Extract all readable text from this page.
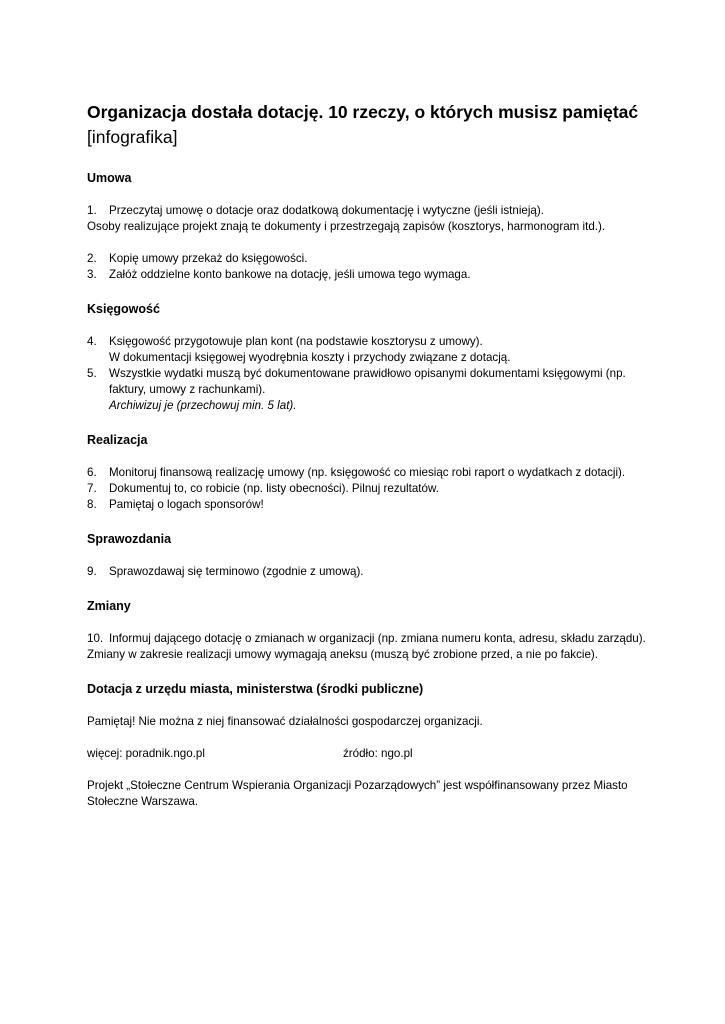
Organizacja dostała dotację. 10 rzeczy, o których musisz pamiętać
[infografika]
Umowa
1. Przeczytaj umowę o dotacje oraz dodatkową dokumentację i wytyczne (jeśli istnieją).

Osoby realizujące projekt znają te dokumenty i przestrzegają zapisów (kosztorys, harmonogram itd.).

2. Kopię umowy przekaż do księgowości.
3. Załóż oddzielne konto bankowe na dotację, jeśli umowa tego wymaga.
Księgowość
4. Księgowość przygotowuje plan kont (na podstawie kosztorysu z umowy).
W dokumentacji księgowej wyodrębnia koszty i przychody związane z dotacją.
5. Wszystkie wydatki muszą być dokumentowane prawidłowo opisanymi dokumentami księgowymi (np. faktury, umowy z rachunkami).
Archiwizuj je (przechowuj min. 5 lat).
Realizacja
6. Monitoruj finansową realizację umowy (np. księgowość co miesiąc robi raport o wydatkach z dotacji).
7. Dokumentuj to, co robicie (np. listy obecności). Pilnuj rezultatów.
8. Pamiętaj o logach sponsorów!
Sprawozdania
9. Sprawozdawaj się terminowo (zgodnie z umową).
Zmiany
10. Informuj dającego dotację o zmianach w organizacji (np. zmiana numeru konta, adresu, składu zarządu).

Zmiany w zakresie realizacji umowy wymagają aneksu (muszą być zrobione przed, a nie po fakcie).

Dotacja z urzędu miasta, ministerstwa (środki publiczne)

Pamiętaj! Nie można z niej finansować działalności gospodarczej organizacji.

więcej: poradnik.ngo.pl	źródło: ngo.pl

Projekt „Stołeczne Centrum Wspierania Organizacji Pozarządowych” jest współfinansowany przez Miasto Stołeczne Warszawa.
